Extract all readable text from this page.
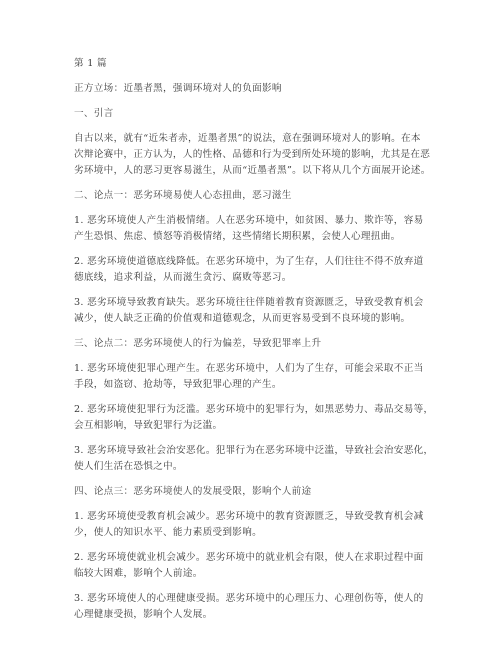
第 1 篇

正方立场：近墨者黑，强调环境对人的负面影响

一、引言

自古以来，就有“近朱者赤，近墨者黑”的说法，意在强调环境对人的影响。在本

次辩论赛中，正方认为，人的性格、品德和行为受到所处环境的影响，尤其是在恶

劣环境中，人的恶习更容易滋生，从而“近墨者黑”。以下将从几个方面展开论述。

二、论点一：恶劣环境易使人心态扭曲，恶习滋生

1. 恶劣环境使人产生消极情绪。人在恶劣环境中，如贫困、暴力、欺诈等，容易

产生恐惧、焦虑、愤怒等消极情绪，这些情绪长期积累，会使人心理扭曲。

2. 恶劣环境使道德底线降低。在恶劣环境中，为了生存，人们往往不得不放弃道

德底线，追求利益，从而滋生贪污、腐败等恶习。

3. 恶劣环境导致教育缺失。恶劣环境往往伴随着教育资源匮乏，导致受教育机会

减少，使人缺乏正确的价值观和道德观念，从而更容易受到不良环境的影响。

三、论点二：恶劣环境使人的行为偏差，导致犯罪率上升

1. 恶劣环境使犯罪心理产生。在恶劣环境中，人们为了生存，可能会采取不正当

手段，如盗窃、抢劫等，导致犯罪心理的产生。

2. 恶劣环境使犯罪行为泛滥。恶劣环境中的犯罪行为，如黑恶势力、毒品交易等，

会互相影响，导致犯罪行为泛滥。

3. 恶劣环境导致社会治安恶化。犯罪行为在恶劣环境中泛滥，导致社会治安恶化，

使人们生活在恐惧之中。

四、论点三：恶劣环境使人的发展受限，影响个人前途

1. 恶劣环境使受教育机会减少。恶劣环境中的教育资源匮乏，导致受教育机会减

少，使人的知识水平、能力素质受到影响。

2. 恶劣环境使就业机会减少。恶劣环境中的就业机会有限，使人在求职过程中面

临较大困难，影响个人前途。

3. 恶劣环境使人的心理健康受损。恶劣环境中的心理压力、心理创伤等，使人的

心理健康受损，影响个人发展。
